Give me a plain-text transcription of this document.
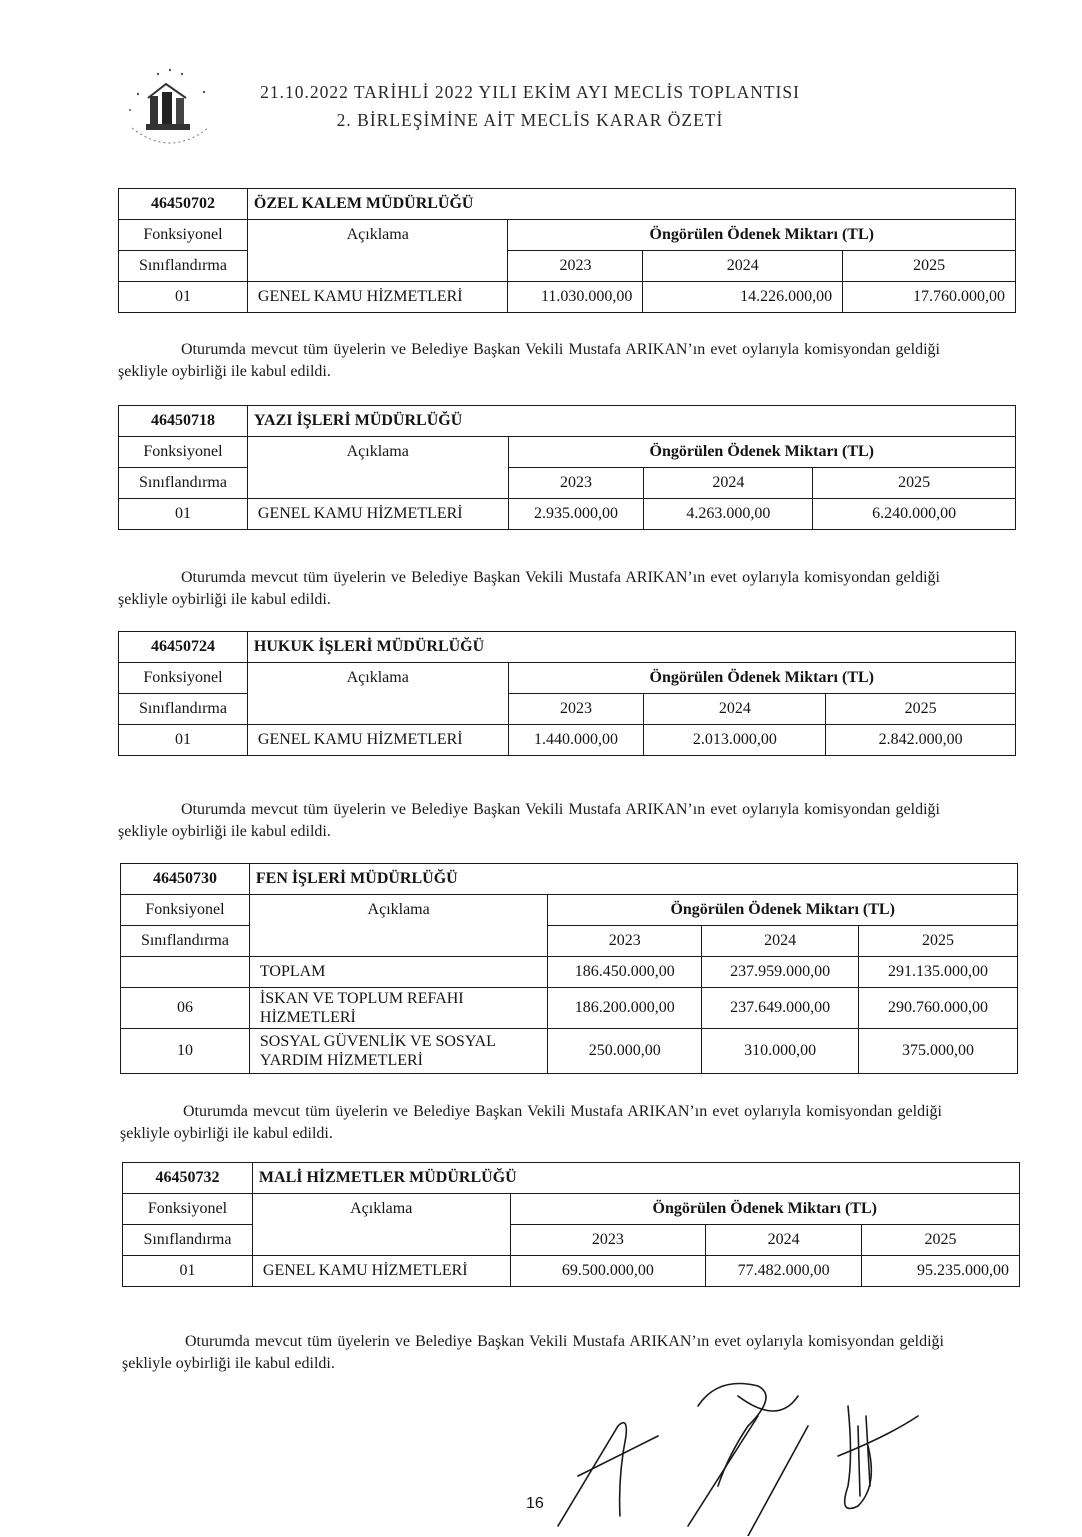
21.10.2022 TARİHLİ 2022 YILI EKİM AYI MECLİS TOPLANTISI
2. BİRLEŞİMİNE AİT MECLİS KARAR ÖZETİ
46450702	ÖZEL KALEM MÜDÜRLÜĞÜ			
Fonksiyonel	Açıklama	Öngörülen Ödenek Miktarı (TL)		
Sınıflandırma		2023	2024	2025
01	GENEL KAMU HİZMETLERİ	11.030.000,00	14.226.000,00	17.760.000,00
Oturumda mevcut tüm üyelerin ve Belediye Başkan Vekili Mustafa ARIKAN’ın evet oylarıyla komisyondan geldiği şekliyle oybirliği ile kabul edildi.
46450718	YAZI İŞLERİ MÜDÜRLÜĞÜ			
Fonksiyonel	Açıklama	Öngörülen Ödenek Miktarı (TL)		
Sınıflandırma		2023	2024	2025
01	GENEL KAMU HİZMETLERİ	2.935.000,00	4.263.000,00	6.240.000,00
Oturumda mevcut tüm üyelerin ve Belediye Başkan Vekili Mustafa ARIKAN’ın evet oylarıyla komisyondan geldiği şekliyle oybirliği ile kabul edildi.
46450724	HUKUK İŞLERİ MÜDÜRLÜĞÜ			
Fonksiyonel	Açıklama	Öngörülen Ödenek Miktarı (TL)		
Sınıflandırma		2023	2024	2025
01	GENEL KAMU HİZMETLERİ	1.440.000,00	2.013.000,00	2.842.000,00
Oturumda mevcut tüm üyelerin ve Belediye Başkan Vekili Mustafa ARIKAN’ın evet oylarıyla komisyondan geldiği şekliyle oybirliği ile kabul edildi.
46450730	FEN İŞLERİ MÜDÜRLÜĞÜ			
Fonksiyonel	Açıklama	Öngörülen Ödenek Miktarı (TL)		
Sınıflandırma		2023	2024	2025
	TOPLAM	186.450.000,00	237.959.000,00	291.135.000,00
06	İSKAN VE TOPLUM REFAHI
HİZMETLERİ	186.200.000,00	237.649.000,00	290.760.000,00
10	SOSYAL GÜVENLİK VE SOSYAL
YARDIM HİZMETLERİ	250.000,00	310.000,00	375.000,00
Oturumda mevcut tüm üyelerin ve Belediye Başkan Vekili Mustafa ARIKAN’ın evet oylarıyla komisyondan geldiği şekliyle oybirliği ile kabul edildi.
46450732	MALİ HİZMETLER MÜDÜRLÜĞÜ			
Fonksiyonel	Açıklama	Öngörülen Ödenek Miktarı (TL)		
Sınıflandırma		2023	2024	2025
01	GENEL KAMU HİZMETLERİ	69.500.000,00	77.482.000,00	95.235.000,00
Oturumda mevcut tüm üyelerin ve Belediye Başkan Vekili Mustafa ARIKAN’ın evet oylarıyla komisyondan geldiği şekliyle oybirliği ile kabul edildi.
16
